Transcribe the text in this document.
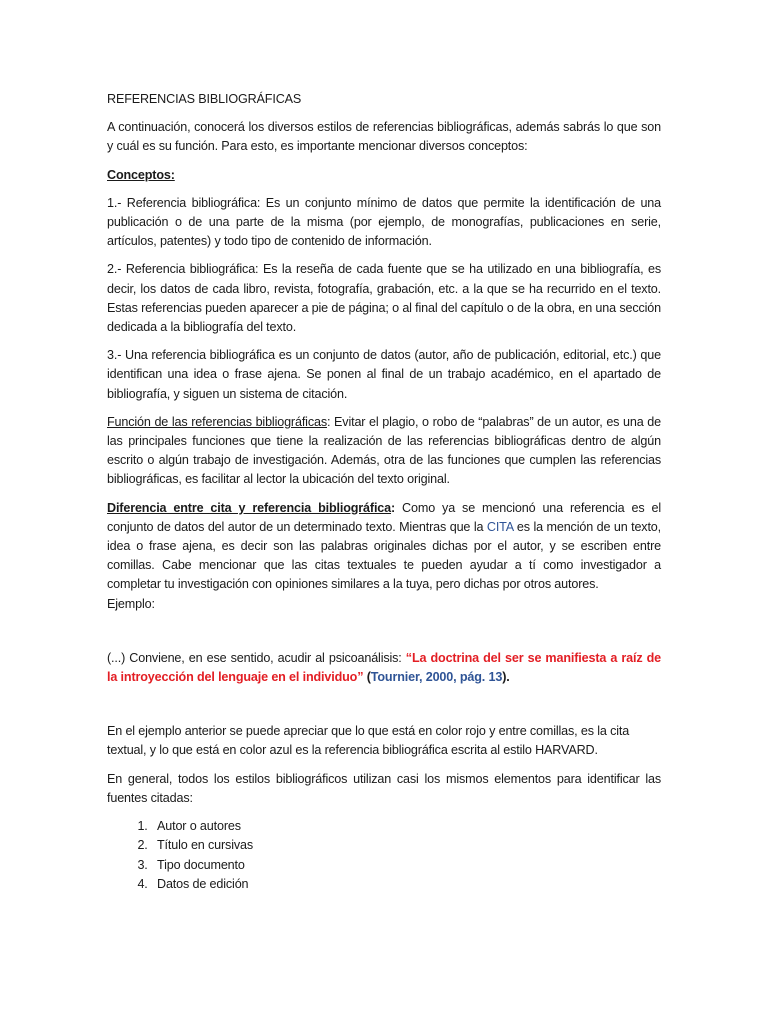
REFERENCIAS BIBLIOGRÁFICAS

A continuación, conocerá los diversos estilos de referencias bibliográficas, además sabrás lo que son y cuál es su función. Para esto, es importante mencionar diversos conceptos:

Conceptos:

1.- Referencia bibliográfica: Es un conjunto mínimo de datos que permite la identificación de una publicación o de una parte de la misma (por ejemplo, de monografías, publicaciones en serie, artículos, patentes) y todo tipo de contenido de información.

2.- Referencia bibliográfica: Es la reseña de cada fuente que se ha utilizado en una bibliografía, es decir, los datos de cada libro, revista, fotografía, grabación, etc. a la que se ha recurrido en el texto. Estas referencias pueden aparecer a pie de página; o al final del capítulo o de la obra, en una sección dedicada a la bibliografía del texto.

3.- Una referencia bibliográfica es un conjunto de datos (autor, año de publicación, editorial, etc.) que identifican una idea o frase ajena. Se ponen al final de un trabajo académico, en el apartado de bibliografía, y siguen un sistema de citación.

Función de las referencias bibliográficas: Evitar el plagio, o robo de “palabras” de un autor, es una de las principales funciones que tiene la realización de las referencias bibliográficas dentro de algún escrito o algún trabajo de investigación. Además, otra de las funciones que cumplen las referencias bibliográficas, es facilitar al lector la ubicación del texto original.

Diferencia entre cita y referencia bibliográfica: Como ya se mencionó una referencia es el conjunto de datos del autor de un determinado texto. Mientras que la CITA es la mención de un texto, idea o frase ajena, es decir son las palabras originales dichas por el autor, y se escriben entre comillas. Cabe mencionar que las citas textuales te pueden ayudar a tí como investigador a completar tu investigación con opiniones similares a la tuya, pero dichas por otros autores.

Ejemplo:

(...) Conviene, en ese sentido, acudir al psicoanálisis: “La doctrina del ser se manifiesta a raíz de la introyección del lenguaje en el individuo” (Tournier, 2000, pág. 13).

En el ejemplo anterior se puede apreciar que lo que está en color rojo y entre comillas, es la cita textual, y lo que está en color azul es la referencia bibliográfica escrita al estilo HARVARD.

En general, todos los estilos bibliográficos utilizan casi los mismos elementos para identificar las fuentes citadas:

1. Autor o autores
2. Título en cursivas
3. Tipo documento
4. Datos de edición
